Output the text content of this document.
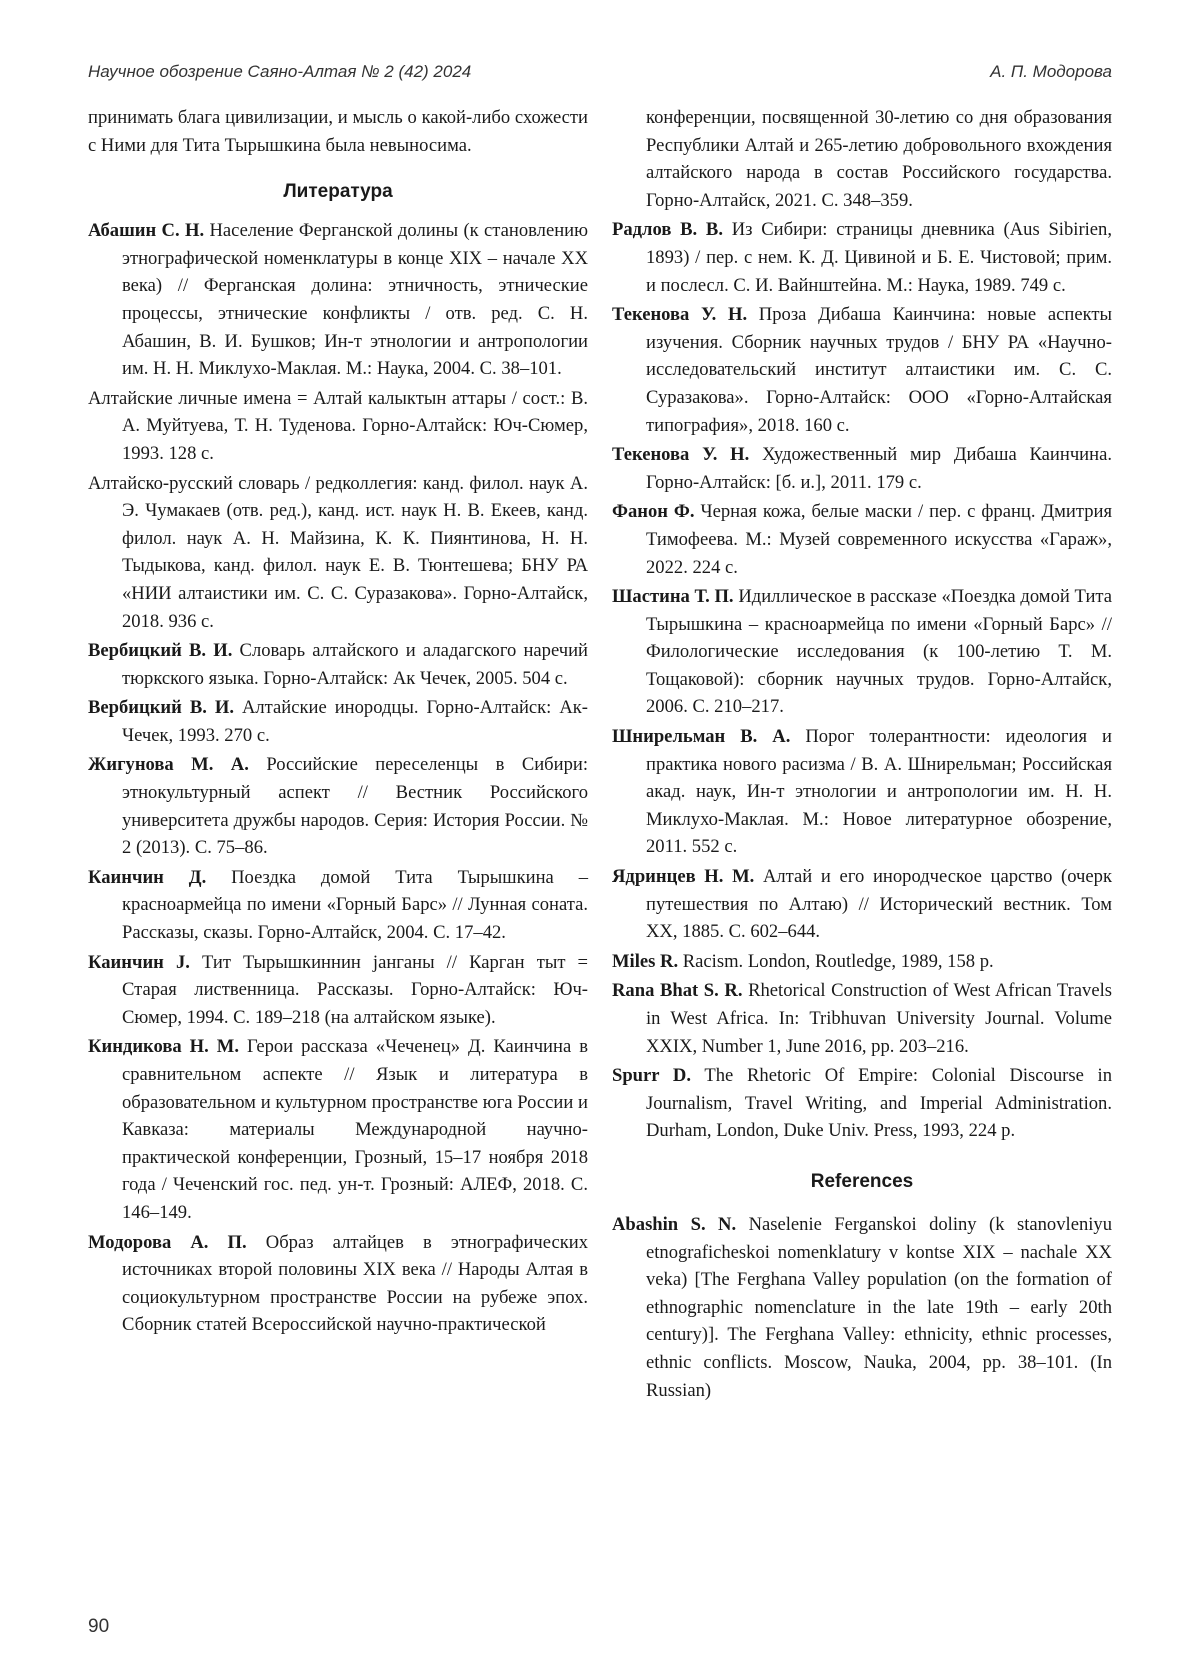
Научное обозрение Саяно-Алтая № 2 (42) 2024	А. П. Модорова

принимать блага цивилизации, и мысль о какой-либо схожести с Ними для Тита Тырышкина была невыносима.

Литература

Абашин С. Н. Население Ферганской долины (к становлению этнографической номенклатуры в конце XIX – начале XX века) // Ферганская долина: этничность, этнические процессы, этнические конфликты / отв. ред. С. Н. Абашин, В. И. Бушков; Ин-т этнологии и антропологии им. Н. Н. Миклухо-Маклая. М.: Наука, 2004. С. 38–101.

Алтайские личные имена = Алтай калыктын аттары / сост.: В. А. Муйтуева, Т. Н. Туденова. Горно-Алтайск: Юч-Сюмер, 1993. 128 с.

Алтайско-русский словарь / редколлегия: канд. филол. наук А. Э. Чумакаев (отв. ред.), канд. ист. наук Н. В. Екеев, канд. филол. наук А. Н. Майзина, К. К. Пиянтинова, Н. Н. Тыдыкова, канд. филол. наук Е. В. Тюнтешева; БНУ РА «НИИ алтаистики им. С. С. Суразакова». Горно-Алтайск, 2018. 936 с.

Вербицкий В. И. Словарь алтайского и аладагского наречий тюркского языка. Горно-Алтайск: Ак Чечек, 2005. 504 с.

Вербицкий В. И. Алтайские инородцы. Горно-Алтайск: Ак-Чечек, 1993. 270 с.

Жигунова М. А. Российские переселенцы в Сибири: этнокультурный аспект // Вестник Российского университета дружбы народов. Серия: История России. № 2 (2013). С. 75–86.

Каинчин Д. Поездка домой Тита Тырышкина – красноармейца по имени «Горный Барс» // Лунная соната. Рассказы, сказы. Горно-Алтайск, 2004. С. 17–42.

Каинчин J. Тит Тырышкиннин jанганы // Карган тыт = Старая лиственница. Рассказы. Горно-Алтайск: Юч-Сюмер, 1994. С. 189–218 (на алтайском языке).

Киндикова Н. М. Герои рассказа «Чеченец» Д. Каинчина в сравнительном аспекте // Язык и литература в образовательном и культурном пространстве юга России и Кавказа: материалы Международной научно-практической конференции, Грозный, 15–17 ноября 2018 года / Чеченский гос. пед. ун-т. Грозный: АЛЕФ, 2018. С. 146–149.

Модорова А. П. Образ алтайцев в этнографических источниках второй половины XIX века // Народы Алтая в социокультурном пространстве России на рубеже эпох. Сборник статей Всероссийской научно-практической

конференции, посвященной 30-летию со дня образования Республики Алтай и 265-летию добровольного вхождения алтайского народа в состав Российского государства. Горно-Алтайск, 2021. С. 348–359.

Радлов В. В. Из Сибири: страницы дневника (Aus Sibirien, 1893) / пер. с нем. К. Д. Цивиной и Б. Е. Чистовой; прим. и послесл. С. И. Вайнштейна. М.: Наука, 1989. 749 с.

Текенова У. Н. Проза Дибаша Каинчина: новые аспекты изучения. Сборник научных трудов / БНУ РА «Научно-исследовательский институт алтаистики им. С. С. Суразакова». Горно-Алтайск: ООО «Горно-Алтайская типография», 2018. 160 с.

Текенова У. Н. Художественный мир Дибаша Каинчина. Горно-Алтайск: [б. и.], 2011. 179 с.

Фанон Ф. Черная кожа, белые маски / пер. с франц. Дмитрия Тимофеева. М.: Музей современного искусства «Гараж», 2022. 224 с.

Шастина Т. П. Идиллическое в рассказе «Поездка домой Тита Тырышкина – красноармейца по имени «Горный Барс» // Филологические исследования (к 100-летию Т. М. Тощаковой): сборник научных трудов. Горно-Алтайск, 2006. С. 210–217.

Шнирельман В. А. Порог толерантности: идеология и практика нового расизма / В. А. Шнирельман; Российская акад. наук, Ин-т этнологии и антропологии им. Н. Н. Миклухо-Маклая. М.: Новое литературное обозрение, 2011. 552 с.

Ядринцев Н. М. Алтай и его инородческое царство (очерк путешествия по Алтаю) // Исторический вестник. Том XX, 1885. С. 602–644.

Miles R. Racism. London, Routledge, 1989, 158 p.

Rana Bhat S. R. Rhetorical Construction of West African Travels in West Africa. In: Tribhuvan University Journal. Volume XXIX, Number 1, June 2016, pp. 203–216.

Spurr D. The Rhetoric Of Empire: Colonial Discourse in Journalism, Travel Writing, and Imperial Administration. Durham, London, Duke Univ. Press, 1993, 224 p.

References

Abashin S. N. Naselenie Ferganskoi doliny (k stanovleniyu etnograficheskoi nomenklatury v kontse XIX – nachale XX veka) [The Ferghana Valley population (on the formation of ethnographic nomenclature in the late 19th – early 20th century)]. The Ferghana Valley: ethnicity, ethnic processes, ethnic conflicts. Moscow, Nauka, 2004, pp. 38–101. (In Russian)

90
